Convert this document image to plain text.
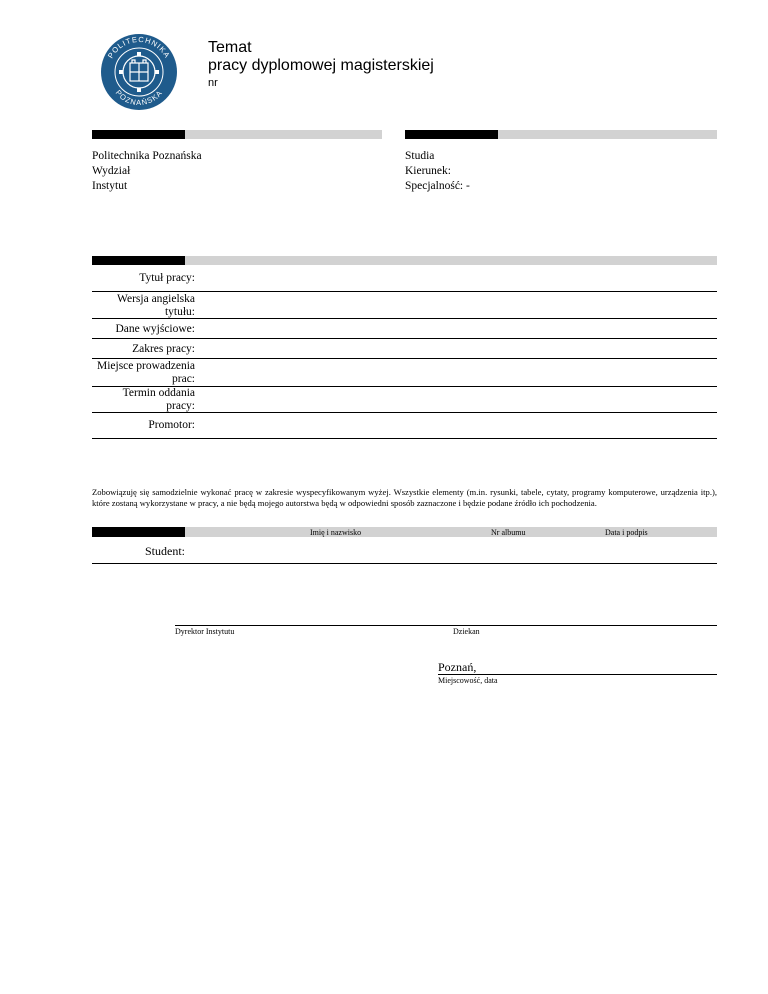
POLITECHNIKA
POZNAŃSKA
Temat
pracy dyplomowej magisterskiej
nr
Politechnika Poznańska
Wydział
Instytut
Studia
Kierunek:
Specjalność: -
Tytuł pracy:
Wersja angielska tytułu:
Dane wyjściowe:
Zakres pracy:
Miejsce prowadzenia prac:
Termin oddania pracy:
Promotor:
Zobowiązuję się samodzielnie wykonać pracę w zakresie wyspecyfikowanym wyżej. Wszystkie elementy (m.in. rysunki, tabele, cytaty, programy komputerowe, urządzenia itp.), które zostaną wykorzystane w pracy, a nie będą mojego autorstwa będą w odpowiedni sposób zaznaczone i będzie podane źródło ich pochodzenia.
Imię i nazwisko	Nr albumu	Data i podpis
Student:
Dyrektor Instytutu	Dziekan
Poznań,
Miejscowość, data
